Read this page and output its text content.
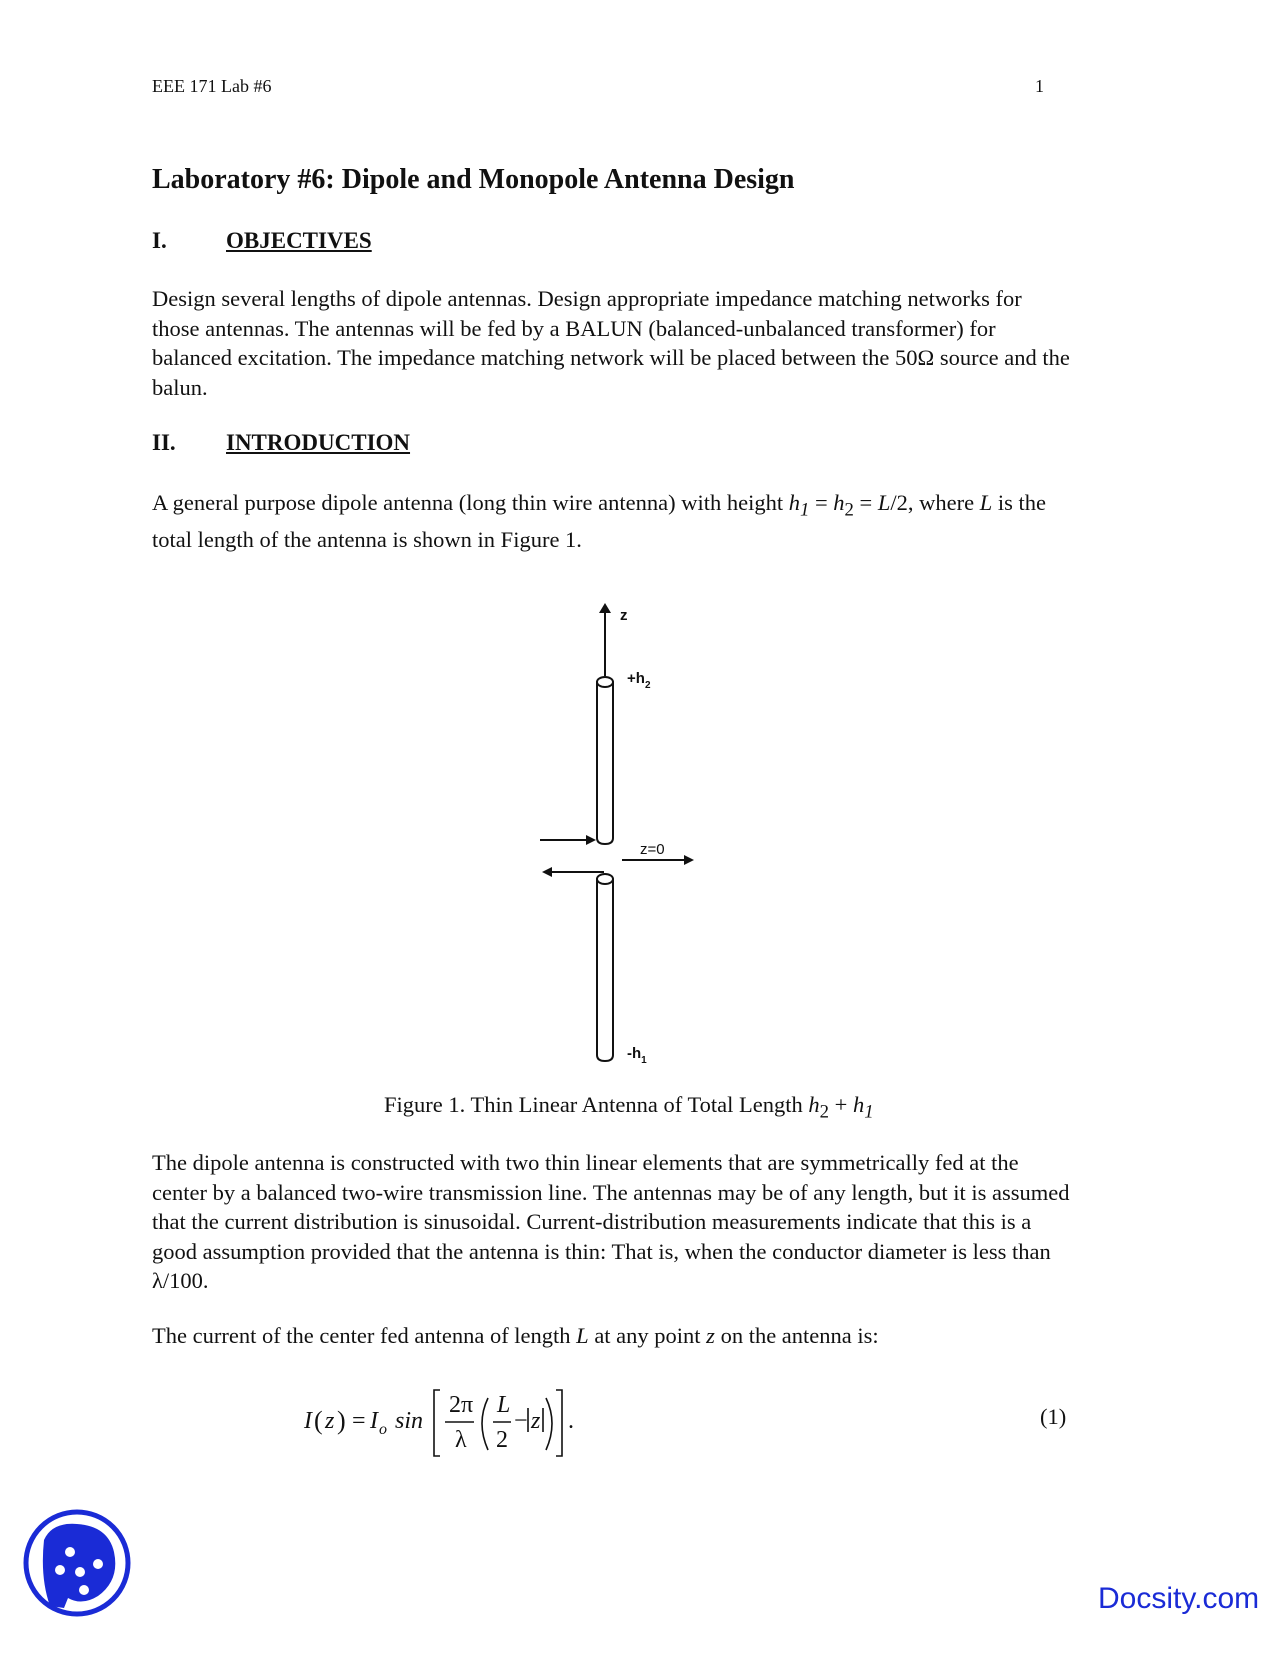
EEE 171 Lab #6	1
Laboratory #6: Dipole and Monopole Antenna Design
I.	OBJECTIVES

Design several lengths of dipole antennas. Design appropriate impedance matching networks for those antennas. The antennas will be fed by a BALUN (balanced-unbalanced transformer) for balanced excitation. The impedance matching network will be placed between the 50Ω source and the balun.

II. INTRODUCTION

A general purpose dipole antenna (long thin wire antenna) with height $h_1 = h_2 = L/2$, where L is the total length of the antenna is shown in Figure 1.

z
$+h_2$
z=0
$-h_1$
Figure 1. Thin Linear Antenna of Total Length $h_2 + h_1$

The dipole antenna is constructed with two thin linear elements that are symmetrically fed at the center by a balanced two-wire transmission line. The antennas may be of any length, but it is assumed that the current distribution is sinusoidal. Current-distribution measurements indicate that this is a good assumption provided that the antenna is thin: That is, when the conductor diameter is less than λ/100.

The current of the center fed antenna of length L at any point z on the antenna is:

I ( z ) = I o sin
2π
λ
L
2
− z .	(1)
Docsity.com
